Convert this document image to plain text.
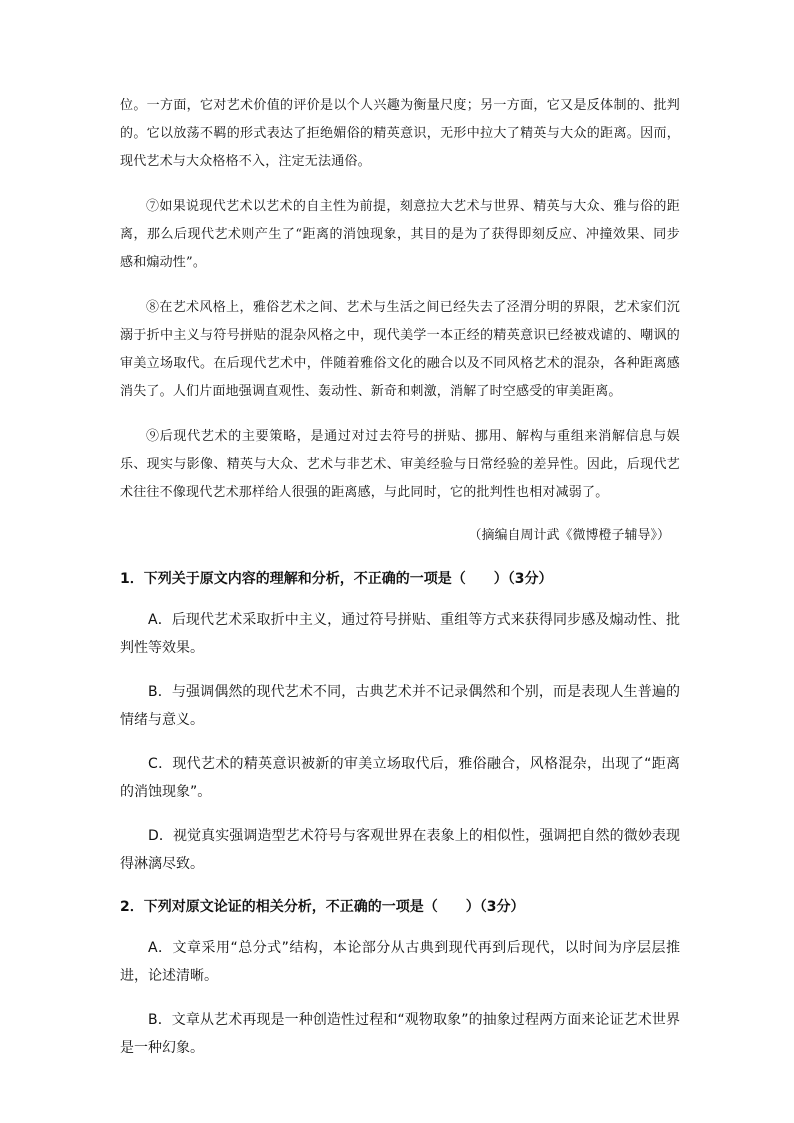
位。一方面，它对艺术价值的评价是以个人兴趣为衡量尺度；另一方面，它又是反体制的、批判的。它以放荡不羁的形式表达了拒绝媚俗的精英意识，无形中拉大了精英与大众的距离。因而，现代艺术与大众格格不入，注定无法通俗。

⑦如果说现代艺术以艺术的自主性为前提，刻意拉大艺术与世界、精英与大众、雅与俗的距离，那么后现代艺术则产生了“距离的消蚀现象，其目的是为了获得即刻反应、冲撞效果、同步感和煽动性”。

⑧在艺术风格上，雅俗艺术之间、艺术与生活之间已经失去了泾渭分明的界限，艺术家们沉溺于折中主义与符号拼贴的混杂风格之中，现代美学一本正经的精英意识已经被戏谑的、嘲讽的审美立场取代。在后现代艺术中，伴随着雅俗文化的融合以及不同风格艺术的混杂，各种距离感消失了。人们片面地强调直观性、轰动性、新奇和刺激，消解了时空感受的审美距离。

⑨后现代艺术的主要策略，是通过对过去符号的拼贴、挪用、解构与重组来消解信息与娱乐、现实与影像、精英与大众、艺术与非艺术、审美经验与日常经验的差异性。因此，后现代艺术往往不像现代艺术那样给人很强的距离感，与此同时，它的批判性也相对减弱了。

（摘编自周计武《微博橙子辅导》）
1．下列关于原文内容的理解和分析，不正确的一项是（　　）（3分）
A．后现代艺术采取折中主义，通过符号拼贴、重组等方式来获得同步感及煽动性、批判性等效果。
B．与强调偶然的现代艺术不同，古典艺术并不记录偶然和个别，而是表现人生普遍的情绪与意义。
C．现代艺术的精英意识被新的审美立场取代后，雅俗融合，风格混杂，出现了“距离的消蚀现象”。
D．视觉真实强调造型艺术符号与客观世界在表象上的相似性，强调把自然的微妙表现得淋漓尽致。
2．下列对原文论证的相关分析，不正确的一项是（　　）（3分）
A．文章采用“总分式”结构，本论部分从古典到现代再到后现代，以时间为序层层推进，论述清晰。
B．文章从艺术再现是一种创造性过程和“观物取象”的抽象过程两方面来论证艺术世界是一种幻象。
